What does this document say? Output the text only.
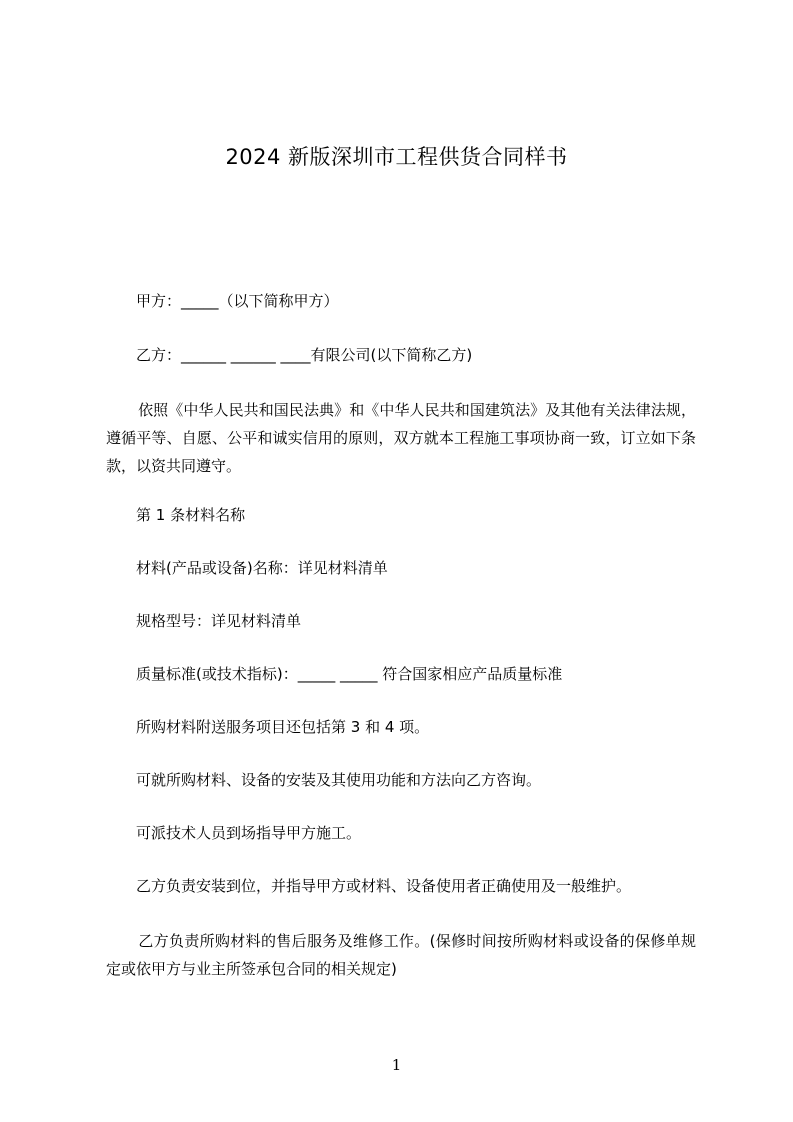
2024 新版深圳市工程供货合同样书
甲方：_____（以下简称甲方）
乙方：______ ______ ____有限公司(以下简称乙方)
依照《中华人民共和国民法典》和《中华人民共和国建筑法》及其他有关法律法规，遵循平等、自愿、公平和诚实信用的原则，双方就本工程施工事项协商一致，订立如下条款，以资共同遵守。
第 1 条材料名称
材料(产品或设备)名称：详见材料清单
规格型号：详见材料清单
质量标准(或技术指标)：_____ _____ 符合国家相应产品质量标准
所购材料附送服务项目还包括第 3 和 4 项。
可就所购材料、设备的安装及其使用功能和方法向乙方咨询。
可派技术人员到场指导甲方施工。
乙方负责安装到位，并指导甲方或材料、设备使用者正确使用及一般维护。
乙方负责所购材料的售后服务及维修工作。(保修时间按所购材料或设备的保修单规定或依甲方与业主所签承包合同的相关规定)
1
